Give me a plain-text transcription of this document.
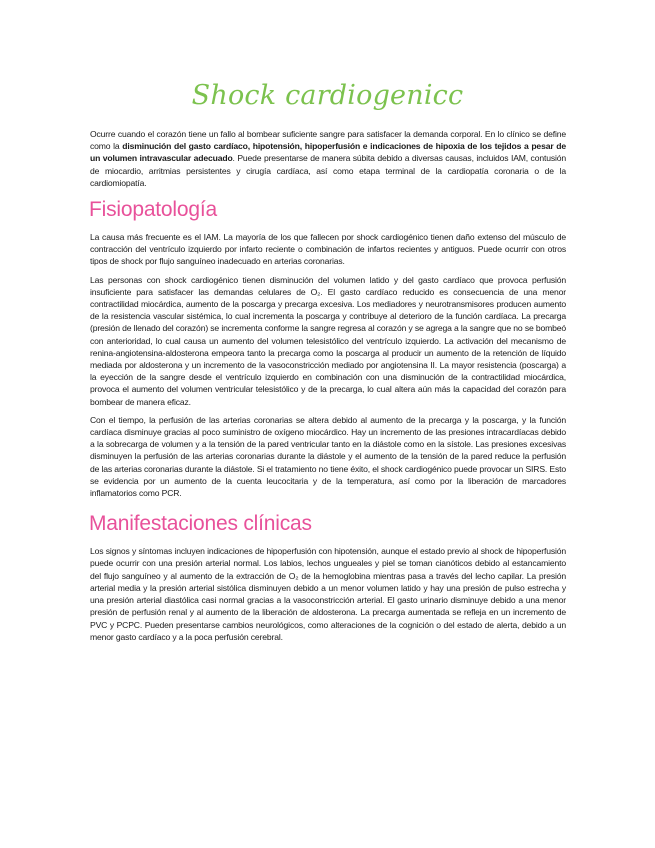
Shock cardiogenicc

Ocurre cuando el corazón tiene un fallo al bombear suficiente sangre para satisfacer la demanda corporal. En lo clínico se define como la disminución del gasto cardíaco, hipotensión, hipoperfusión e indicaciones de hipoxia de los tejidos a pesar de un volumen intravascular adecuado. Puede presentarse de manera súbita debido a diversas causas, incluidos IAM, contusión de miocardio, arritmias persistentes y cirugía cardíaca, así como etapa terminal de la cardiopatía coronaria o de la cardiomiopatía.

Fisiopatología

La causa más frecuente es el IAM. La mayoría de los que fallecen por shock cardiogénico tienen daño extenso del músculo de contracción del ventrículo izquierdo por infarto reciente o combinación de infartos recientes y antiguos. Puede ocurrir con otros tipos de shock por flujo sanguíneo inadecuado en arterias coronarias.

Las personas con shock cardiogénico tienen disminución del volumen latido y del gasto cardíaco que provoca perfusión insuficiente para satisfacer las demandas celulares de O₂. El gasto cardíaco reducido es consecuencia de una menor contractilidad miocárdica, aumento de la poscarga y precarga excesiva. Los mediadores y neurotransmisores producen aumento de la resistencia vascular sistémica, lo cual incrementa la poscarga y contribuye al deterioro de la función cardíaca. La precarga (presión de llenado del corazón) se incrementa conforme la sangre regresa al corazón y se agrega a la sangre que no se bombeó con anterioridad, lo cual causa un aumento del volumen telesistólico del ventrículo izquierdo. La activación del mecanismo de renina-angiotensina-aldosterona empeora tanto la precarga como la poscarga al producir un aumento de la retención de líquido mediada por aldosterona y un incremento de la vasoconstricción mediado por angiotensina II. La mayor resistencia (poscarga) a la eyección de la sangre desde el ventrículo izquierdo en combinación con una disminución de la contractilidad miocárdica, provoca el aumento del volumen ventricular telesistólico y de la precarga, lo cual altera aún más la capacidad del corazón para bombear de manera eficaz.

Con el tiempo, la perfusión de las arterias coronarias se altera debido al aumento de la precarga y la poscarga, y la función cardíaca disminuye gracias al poco suministro de oxígeno miocárdico. Hay un incremento de las presiones intracardíacas debido a la sobrecarga de volumen y a la tensión de la pared ventricular tanto en la diástole como en la sístole. Las presiones excesivas disminuyen la perfusión de las arterias coronarias durante la diástole y el aumento de la tensión de la pared reduce la perfusión de las arterias coronarias durante la diástole. Si el tratamiento no tiene éxito, el shock cardiogénico puede provocar un SIRS. Esto se evidencia por un aumento de la cuenta leucocitaria y de la temperatura, así como por la liberación de marcadores inflamatorios como PCR.

Manifestaciones clínicas

Los signos y síntomas incluyen indicaciones de hipoperfusión con hipotensión, aunque el estado previo al shock de hipoperfusión puede ocurrir con una presión arterial normal. Los labios, lechos ungueales y piel se toman cianóticos debido al estancamiento del flujo sanguíneo y al aumento de la extracción de O₂ de la hemoglobina mientras pasa a través del lecho capilar. La presión arterial media y la presión arterial sistólica disminuyen debido a un menor volumen latido y hay una presión de pulso estrecha y una presión arterial diastólica casi normal gracias a la vasoconstricción arterial. El gasto urinario disminuye debido a una menor presión de perfusión renal y al aumento de la liberación de aldosterona. La precarga aumentada se refleja en un incremento de PVC y PCPC. Pueden presentarse cambios neurológicos, como alteraciones de la cognición o del estado de alerta, debido a un menor gasto cardíaco y a la poca perfusión cerebral.
